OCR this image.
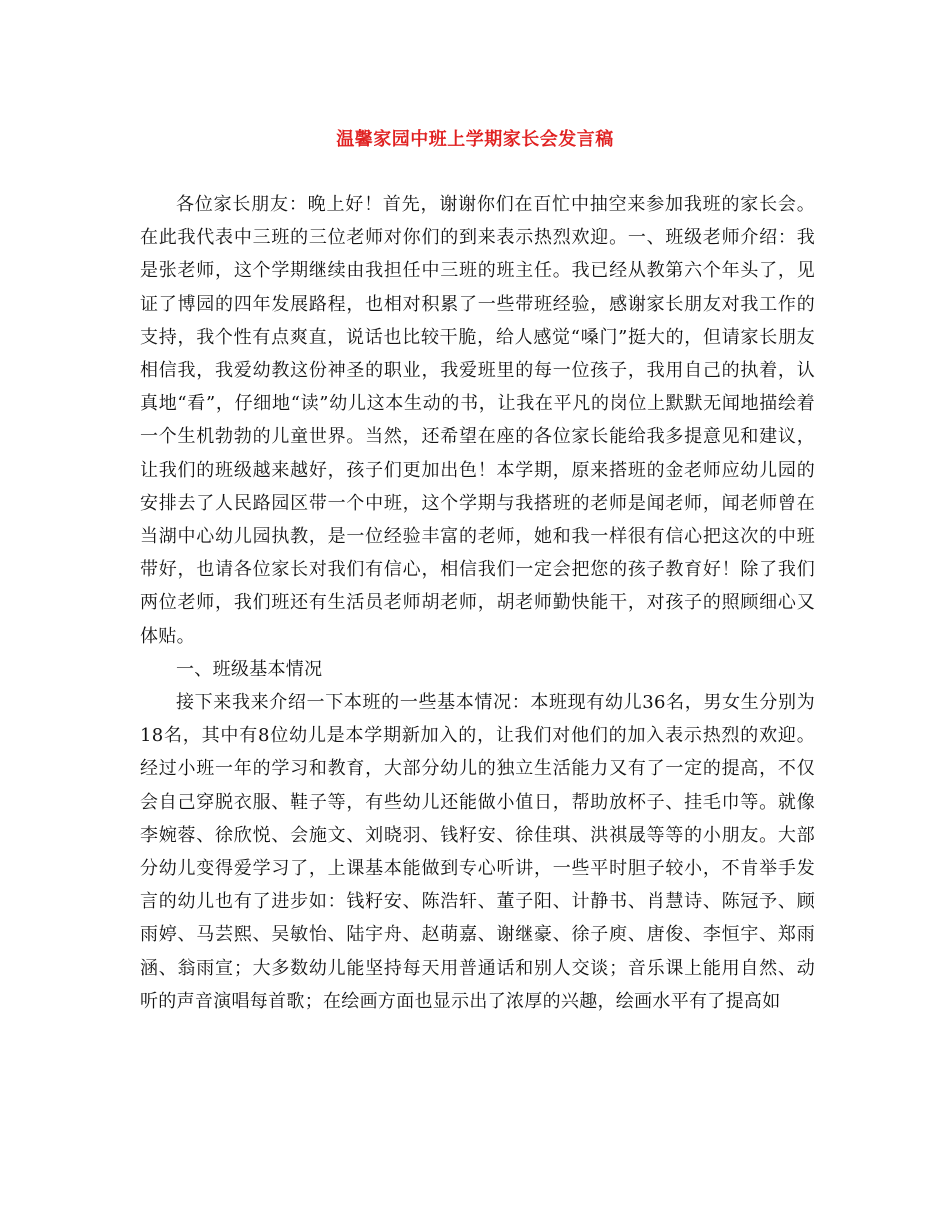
温馨家园中班上学期家长会发言稿

各位家长朋友：晚上好！首先，谢谢你们在百忙中抽空来参加我班的家长会。在此我代表中三班的三位老师对你们的到来表示热烈欢迎。一、班级老师介绍：我是张老师，这个学期继续由我担任中三班的班主任。我已经从教第六个年头了，见证了博园的四年发展路程，也相对积累了一些带班经验，感谢家长朋友对我工作的支持，我个性有点爽直，说话也比较干脆，给人感觉“嗓门”挺大的，但请家长朋友相信我，我爱幼教这份神圣的职业，我爱班里的每一位孩子，我用自己的执着，认真地“看”，仔细地“读”幼儿这本生动的书，让我在平凡的岗位上默默无闻地描绘着一个生机勃勃的儿童世界。当然，还希望在座的各位家长能给我多提意见和建议，让我们的班级越来越好，孩子们更加出色！本学期，原来搭班的金老师应幼儿园的安排去了人民路园区带一个中班，这个学期与我搭班的老师是闻老师，闻老师曾在当湖中心幼儿园执教，是一位经验丰富的老师，她和我一样很有信心把这次的中班带好，也请各位家长对我们有信心，相信我们一定会把您的孩子教育好！除了我们两位老师，我们班还有生活员老师胡老师，胡老师勤快能干，对孩子的照顾细心又体贴。

一、班级基本情况

接下来我来介绍一下本班的一些基本情况：本班现有幼儿36名，男女生分别为18名，其中有8位幼儿是本学期新加入的，让我们对他们的加入表示热烈的欢迎。经过小班一年的学习和教育，大部分幼儿的独立生活能力又有了一定的提高，不仅会自己穿脱衣服、鞋子等，有些幼儿还能做小值日，帮助放杯子、挂毛巾等。就像李婉蓉、徐欣悦、会施文、刘晓羽、钱籽安、徐佳琪、洪祺晟等等的小朋友。大部分幼儿变得爱学习了，上课基本能做到专心听讲，一些平时胆子较小，不肯举手发言的幼儿也有了进步如：钱籽安、陈浩轩、董子阳、计静书、肖慧诗、陈冠予、顾雨婷、马芸熙、吴敏怡、陆宇舟、赵萌嘉、谢继豪、徐子庾、唐俊、李恒宇、郑雨涵、翁雨宣；大多数幼儿能坚持每天用普通话和别人交谈；音乐课上能用自然、动听的声音演唱每首歌；在绘画方面也显示出了浓厚的兴趣，绘画水平有了提高如
